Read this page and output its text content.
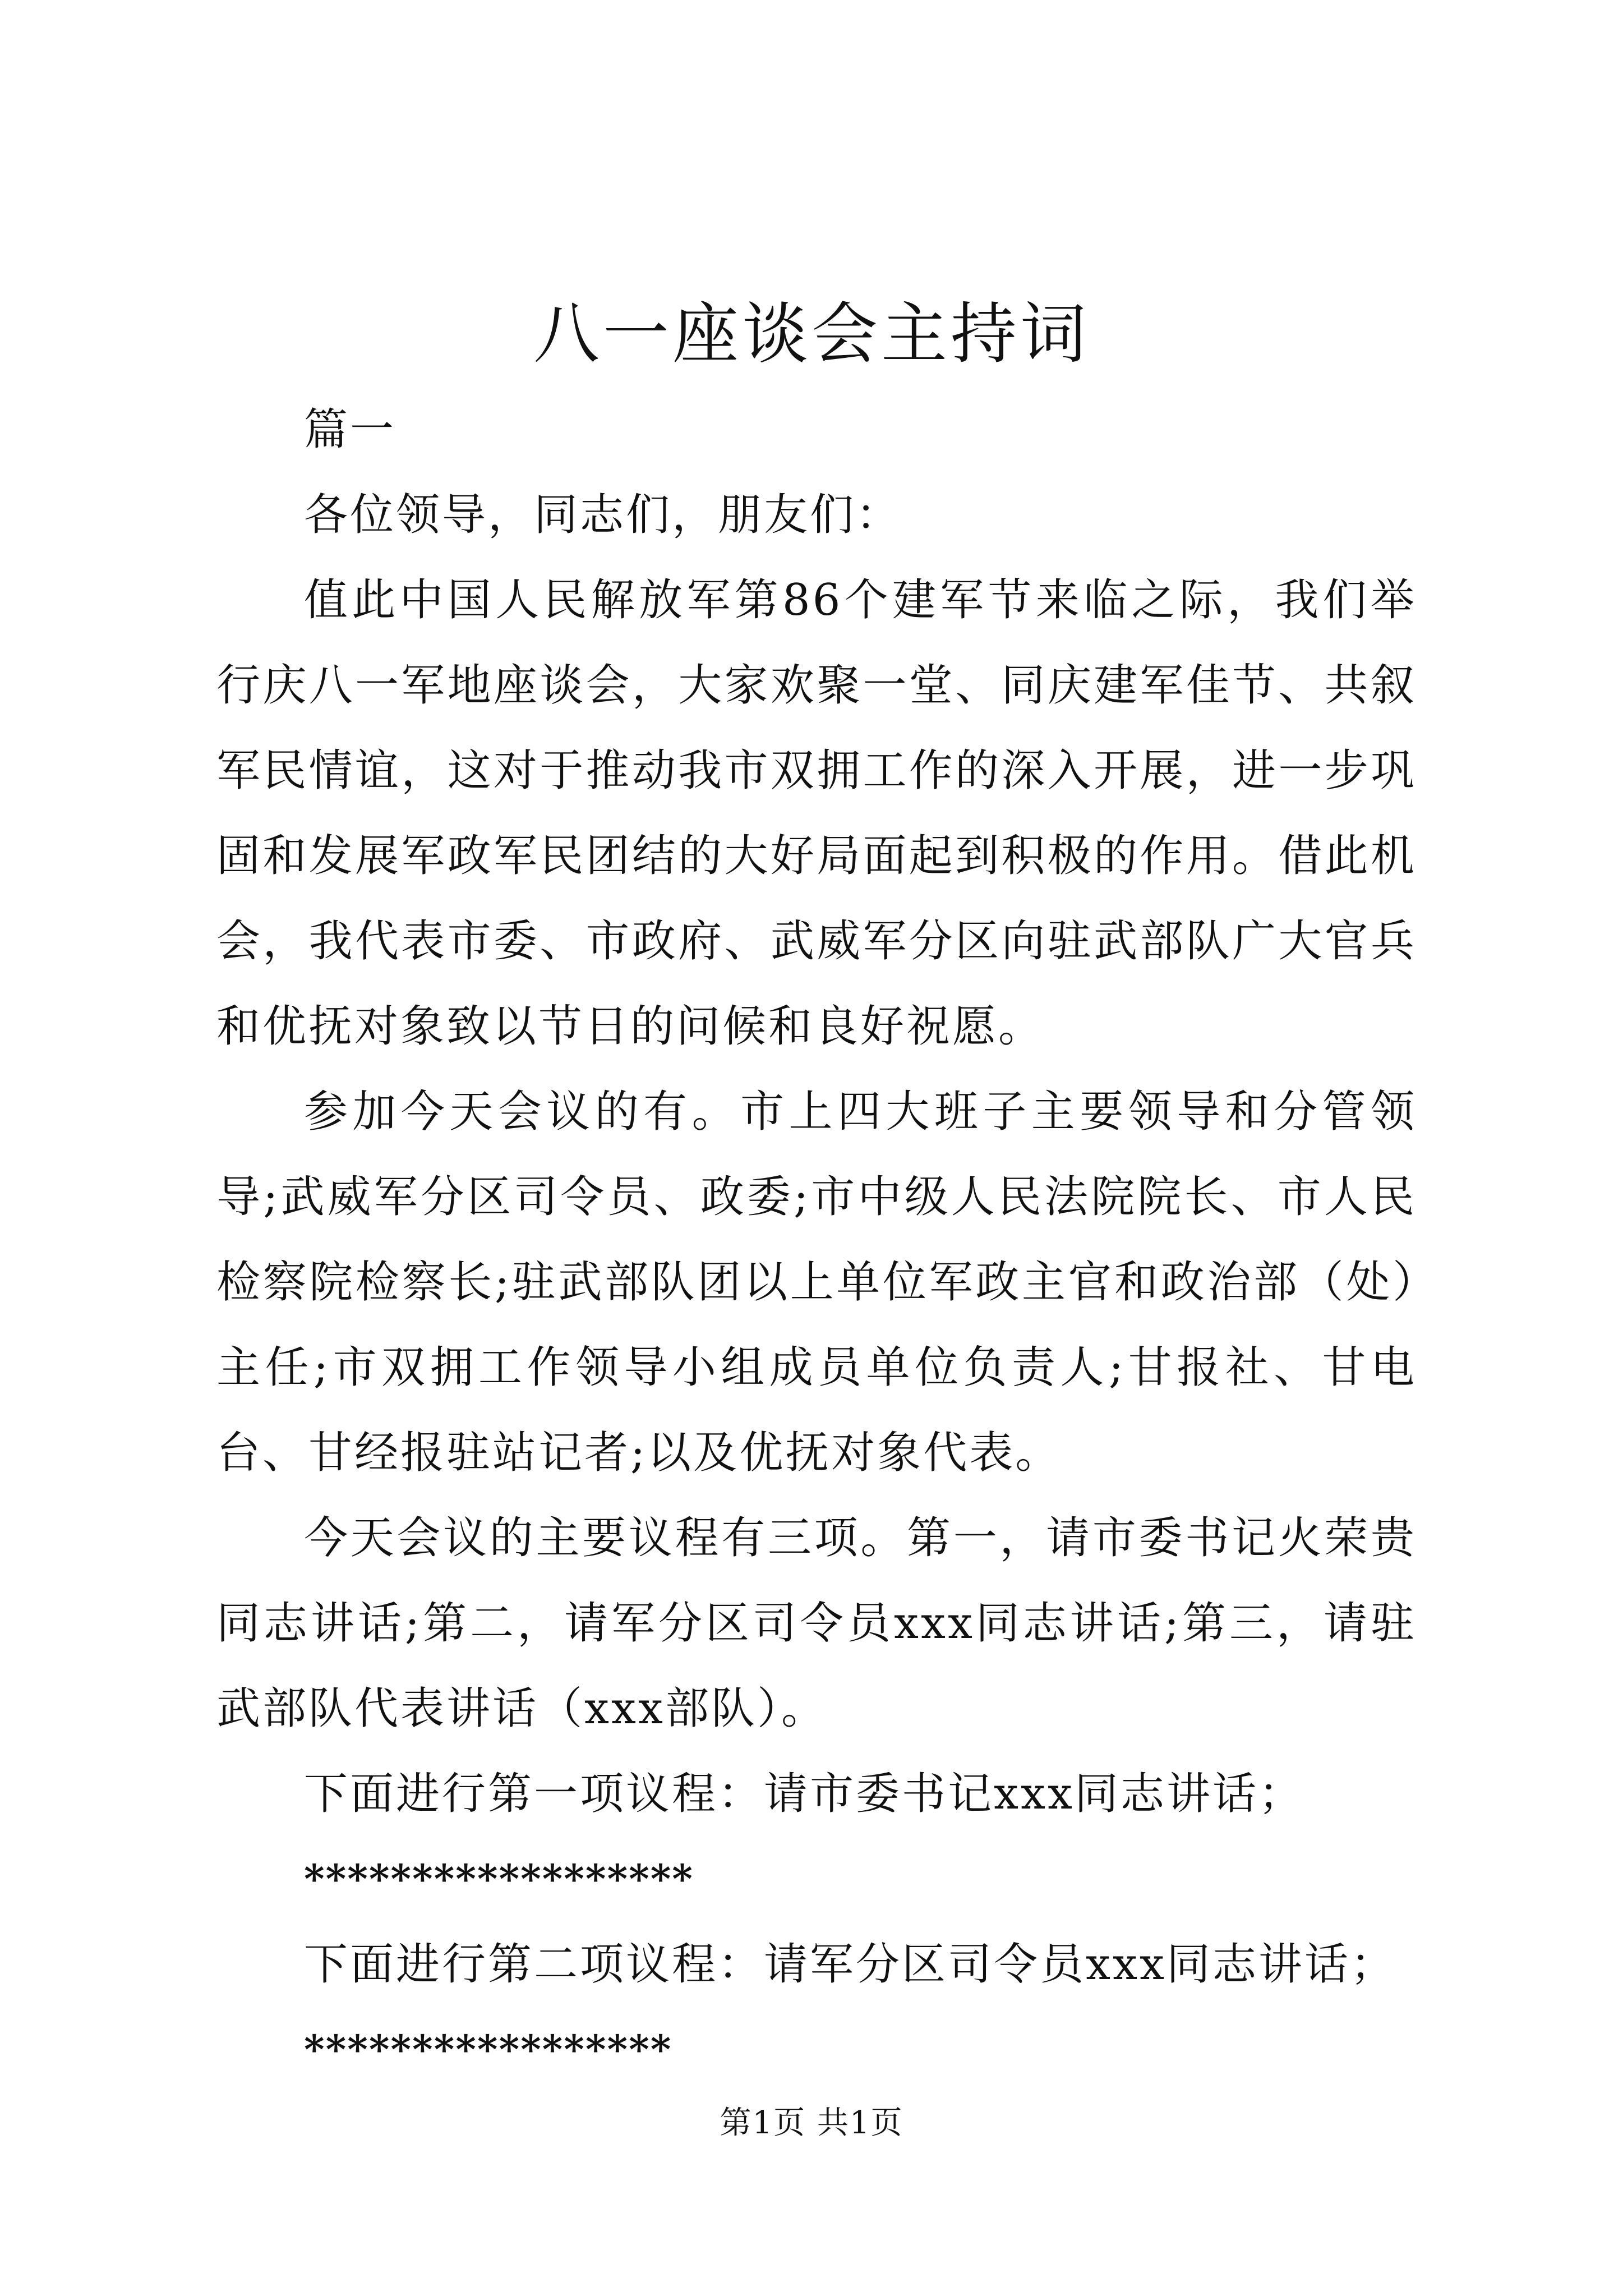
八一座谈会主持词

篇一

各位领导，同志们，朋友们：

值此中国人民解放军第86个建军节来临之际，我们举行庆八一军地座谈会，大家欢聚一堂、同庆建军佳节、共叙军民情谊，这对于推动我市双拥工作的深入开展，进一步巩固和发展军政军民团结的大好局面起到积极的作用。借此机会，我代表市委、市政府、武威军分区向驻武部队广大官兵和优抚对象致以节日的问候和良好祝愿。

参加今天会议的有。市上四大班子主要领导和分管领导;武威军分区司令员、政委;市中级人民法院院长、市人民检察院检察长;驻武部队团以上单位军政主官和政治部（处）主任;市双拥工作领导小组成员单位负责人;甘报社、甘电台、甘经报驻站记者;以及优抚对象代表。

今天会议的主要议程有三项。第一，请市委书记火荣贵同志讲话;第二，请军分区司令员xxx同志讲话;第三，请驻武部队代表讲话（xxx部队）。

下面进行第一项议程：请市委书记xxx同志讲话；

******************

下面进行第二项议程：请军分区司令员xxx同志讲话；

*****************

第1页 共1页
